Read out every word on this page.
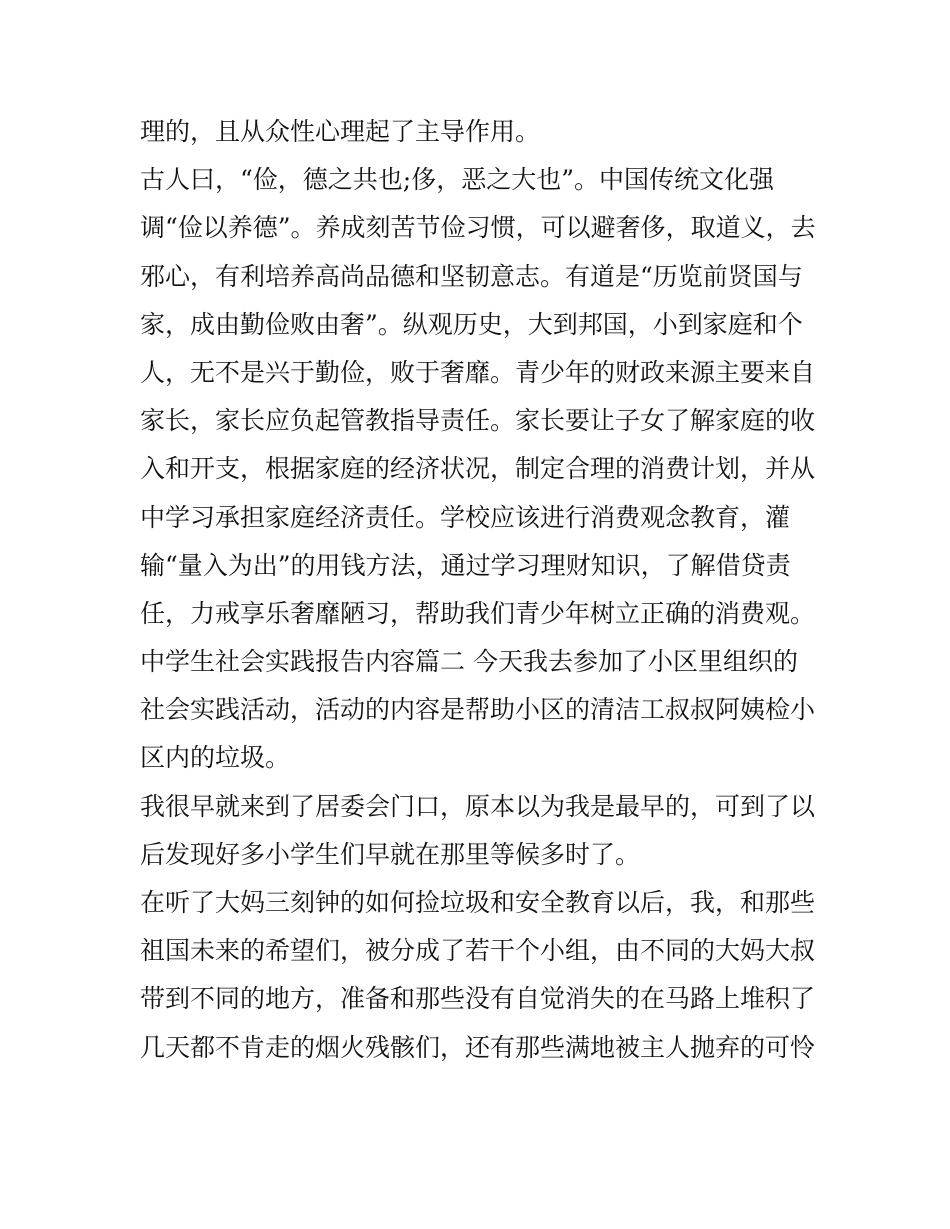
理的，且从众性心理起了主导作用。
古人曰，“俭，德之共也;侈，恶之大也”。中国传统文化强
调“俭以养德”。养成刻苦节俭习惯，可以避奢侈，取道义，去
邪心，有利培养高尚品德和坚韧意志。有道是“历览前贤国与
家，成由勤俭败由奢”。纵观历史，大到邦国，小到家庭和个
人，无不是兴于勤俭，败于奢靡。青少年的财政来源主要来自
家长，家长应负起管教指导责任。家长要让子女了解家庭的收
入和开支，根据家庭的经济状况，制定合理的消费计划，并从
中学习承担家庭经济责任。学校应该进行消费观念教育，灌
输“量入为出”的用钱方法，通过学习理财知识，了解借贷责
任，力戒享乐奢靡陋习，帮助我们青少年树立正确的消费观。
中学生社会实践报告内容篇二 今天我去参加了小区里组织的
社会实践活动，活动的内容是帮助小区的清洁工叔叔阿姨检小
区内的垃圾。
我很早就来到了居委会门口，原本以为我是最早的，可到了以
后发现好多小学生们早就在那里等候多时了。
在听了大妈三刻钟的如何捡垃圾和安全教育以后，我，和那些
祖国未来的希望们，被分成了若干个小组，由不同的大妈大叔
带到不同的地方，准备和那些没有自觉消失的在马路上堆积了
几天都不肯走的烟火残骸们，还有那些满地被主人抛弃的可怜
